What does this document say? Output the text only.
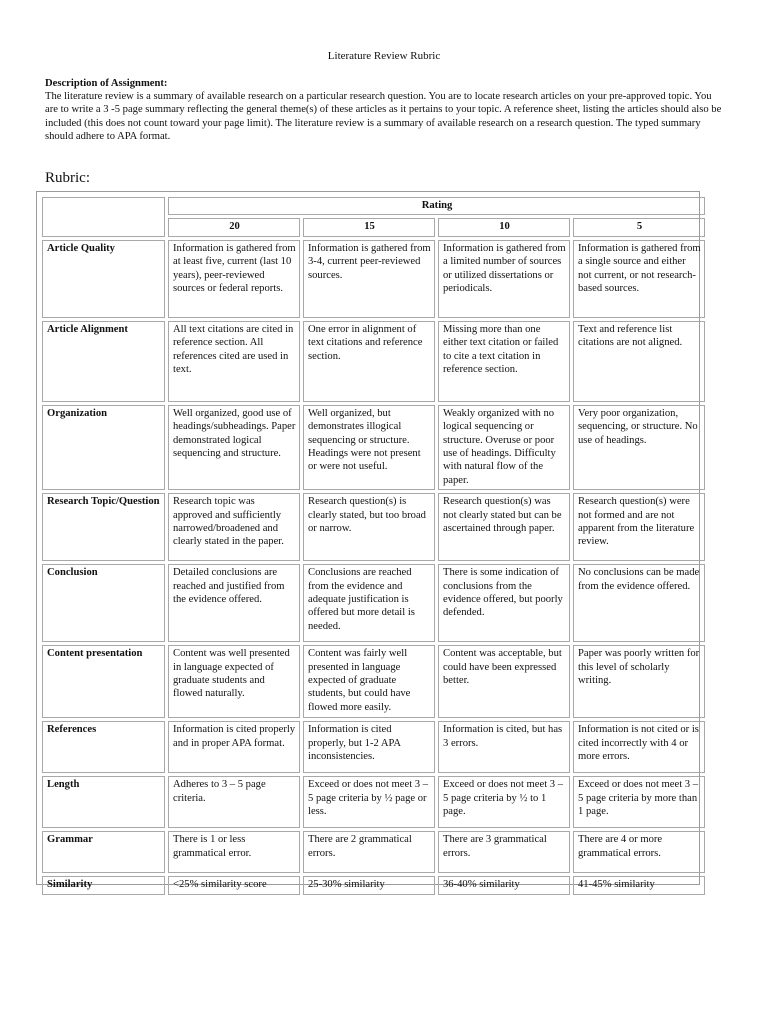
Literature Review Rubric
Description of Assignment:
The literature review is a summary of available research on a particular research question. You are to locate research articles on your pre-approved topic. You are to write a 3 -5 page summary reflecting the general theme(s) of these articles as it pertains to your topic. A reference sheet, listing the articles should also be included (this does not count toward your page limit). The literature review is a summary of available research on a research question. The typed summary should adhere to APA format.
Rubric:
	Rating			
	20	15	10	5
Article Quality	Information is gathered from at least five, current (last 10 years), peer-reviewed sources or federal reports.	Information is gathered from 3-4, current peer-reviewed sources.	Information is gathered from a limited number of sources or utilized dissertations or periodicals.	Information is gathered from a single source and either not current, or not research-based sources.
Article Alignment	All text citations are cited in reference section. All references cited are used in text.	One error in alignment of text citations and reference section.	Missing more than one either text citation or failed to cite a text citation in reference section.	Text and reference list citations are not aligned.
Organization	Well organized, good use of headings/subheadings. Paper demonstrated logical sequencing and structure.	Well organized, but demonstrates illogical sequencing or structure. Headings were not present or were not useful.	Weakly organized with no logical sequencing or structure. Overuse or poor use of headings. Difficulty with natural flow of the paper.	Very poor organization, sequencing, or structure. No use of headings.
Research Topic/Question	Research topic was approved and sufficiently narrowed/broadened and clearly stated in the paper.	Research question(s) is clearly stated, but too broad or narrow.	Research question(s) was not clearly stated but can be ascertained through paper.	Research question(s) were not formed and are not apparent from the literature review.
Conclusion	Detailed conclusions are reached and justified from the evidence offered.	Conclusions are reached from the evidence and adequate justification is offered but more detail is needed.	There is some indication of conclusions from the evidence offered, but poorly defended.	No conclusions can be made from the evidence offered.
Content presentation	Content was well presented in language expected of graduate students and flowed naturally.	Content was fairly well presented in language expected of graduate students, but could have flowed more easily.	Content was acceptable, but could have been expressed better.	Paper was poorly written for this level of scholarly writing.
References	Information is cited properly and in proper APA format.	Information is cited properly, but 1-2 APA inconsistencies.	Information is cited, but has 3 errors.	Information is not cited or is cited incorrectly with 4 or more errors.
Length	Adheres to 3 – 5 page criteria.	Exceed or does not meet 3 – 5 page criteria by ½ page or less.	Exceed or does not meet 3 – 5 page criteria by ½ to 1 page.	Exceed or does not meet 3 – 5 page criteria by more than 1 page.
Grammar	There is 1 or less grammatical error.	There are 2 grammatical errors.	There are 3 grammatical errors.	There are 4 or more grammatical errors.
Similarity	<25% similarity score	25-30% similarity	36-40% similarity	41-45% similarity
